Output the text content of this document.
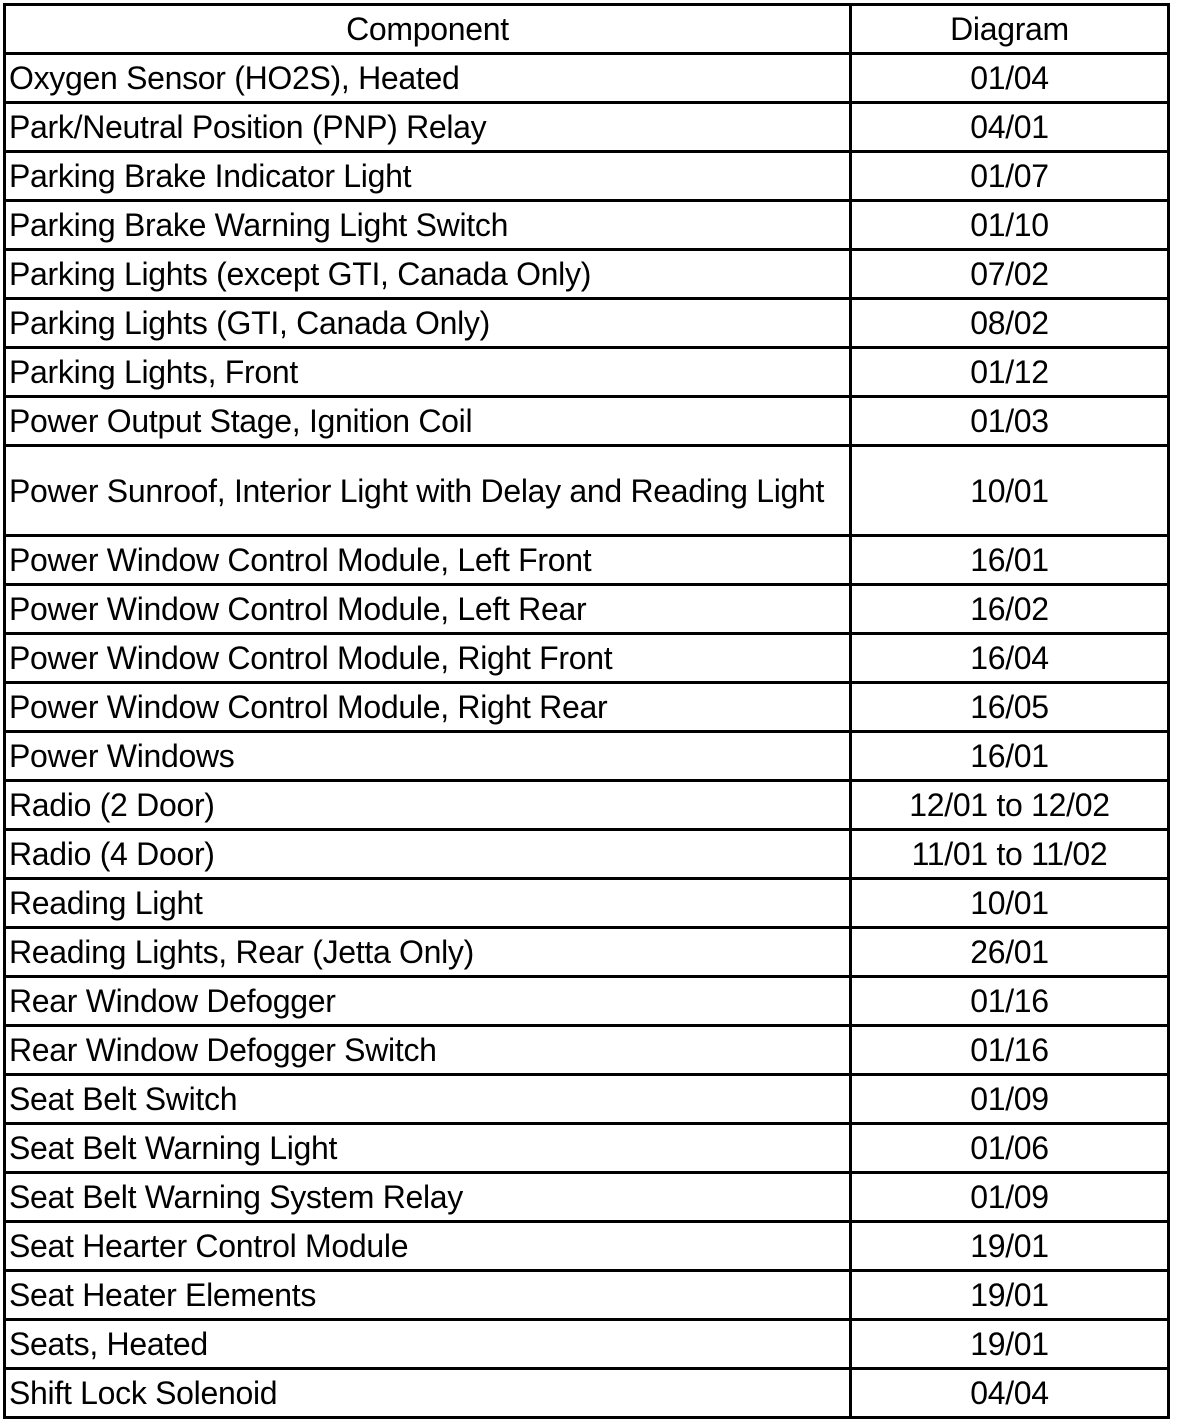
Component	Diagram
Oxygen Sensor (HO2S), Heated	01/04
Park/Neutral Position (PNP) Relay	04/01
Parking Brake Indicator Light	01/07
Parking Brake Warning Light Switch	01/10
Parking Lights (except GTI, Canada Only)	07/02
Parking Lights (GTI, Canada Only)	08/02
Parking Lights, Front	01/12
Power Output Stage, Ignition Coil	01/03
Power Sunroof, Interior Light with Delay and Reading Light	10/01
Power Window Control Module, Left Front	16/01
Power Window Control Module, Left Rear	16/02
Power Window Control Module, Right Front	16/04
Power Window Control Module, Right Rear	16/05
Power Windows	16/01
Radio (2 Door)	12/01 to 12/02
Radio (4 Door)	11/01 to 11/02
Reading Light	10/01
Reading Lights, Rear (Jetta Only)	26/01
Rear Window Defogger	01/16
Rear Window Defogger Switch	01/16
Seat Belt Switch	01/09
Seat Belt Warning Light	01/06
Seat Belt Warning System Relay	01/09
Seat Hearter Control Module	19/01
Seat Heater Elements	19/01
Seats, Heated	19/01
Shift Lock Solenoid	04/04
